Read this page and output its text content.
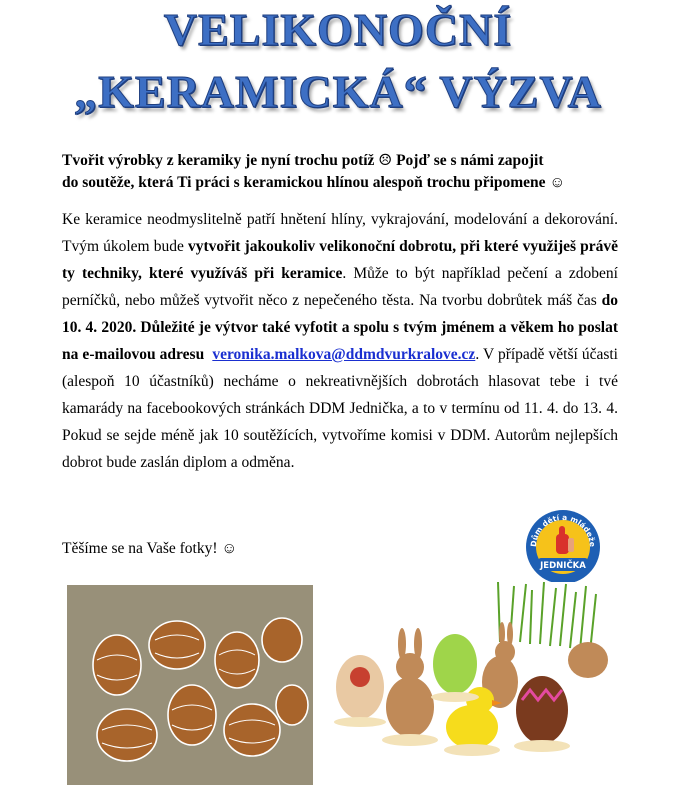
VELIKONOČNÍ
„KERAMICKÁ“ VÝZVA
Tvořit výrobky z keramiky je nyní trochu potíž ☹ Pojď se s námi zapojit
do soutěže, která Ti práci s keramickou hlínou alespoň trochu připomene ☺
Ke keramice neodmyslitelně patří hnětení hlíny, vykrajování, modelování a dekorování. Tvým úkolem bude vytvořit jakoukoliv velikonoční dobrotu, při které využiješ právě ty techniky, které využíváš při keramice. Může to být například pečení a zdobení perníčků, nebo můžeš vytvořit něco z nepečeného těsta. Na tvorbu dobrůtek máš čas do 10. 4. 2020. Důležité je výtvor také vyfotit a spolu s tvým jménem a věkem ho poslat na e-mailovou adresu veronika.malkova@ddmdvurkralove.cz. V případě větší účasti (alespoň 10 účastníků) necháme o nekreativnějších dobrotách hlasovat tebe i tvé kamarády na facebookových stránkách DDM Jednička, a to v termínu od 11. 4. do 13. 4. Pokud se sejde méně jak 10 soutěžících, vytvoříme komisi v DDM. Autorům nejlepších dobrot bude zaslán diplom a odměna.
Těšíme se na Vaše fotky! ☺	Dům dětí a mládeže
JEDNIČKA
